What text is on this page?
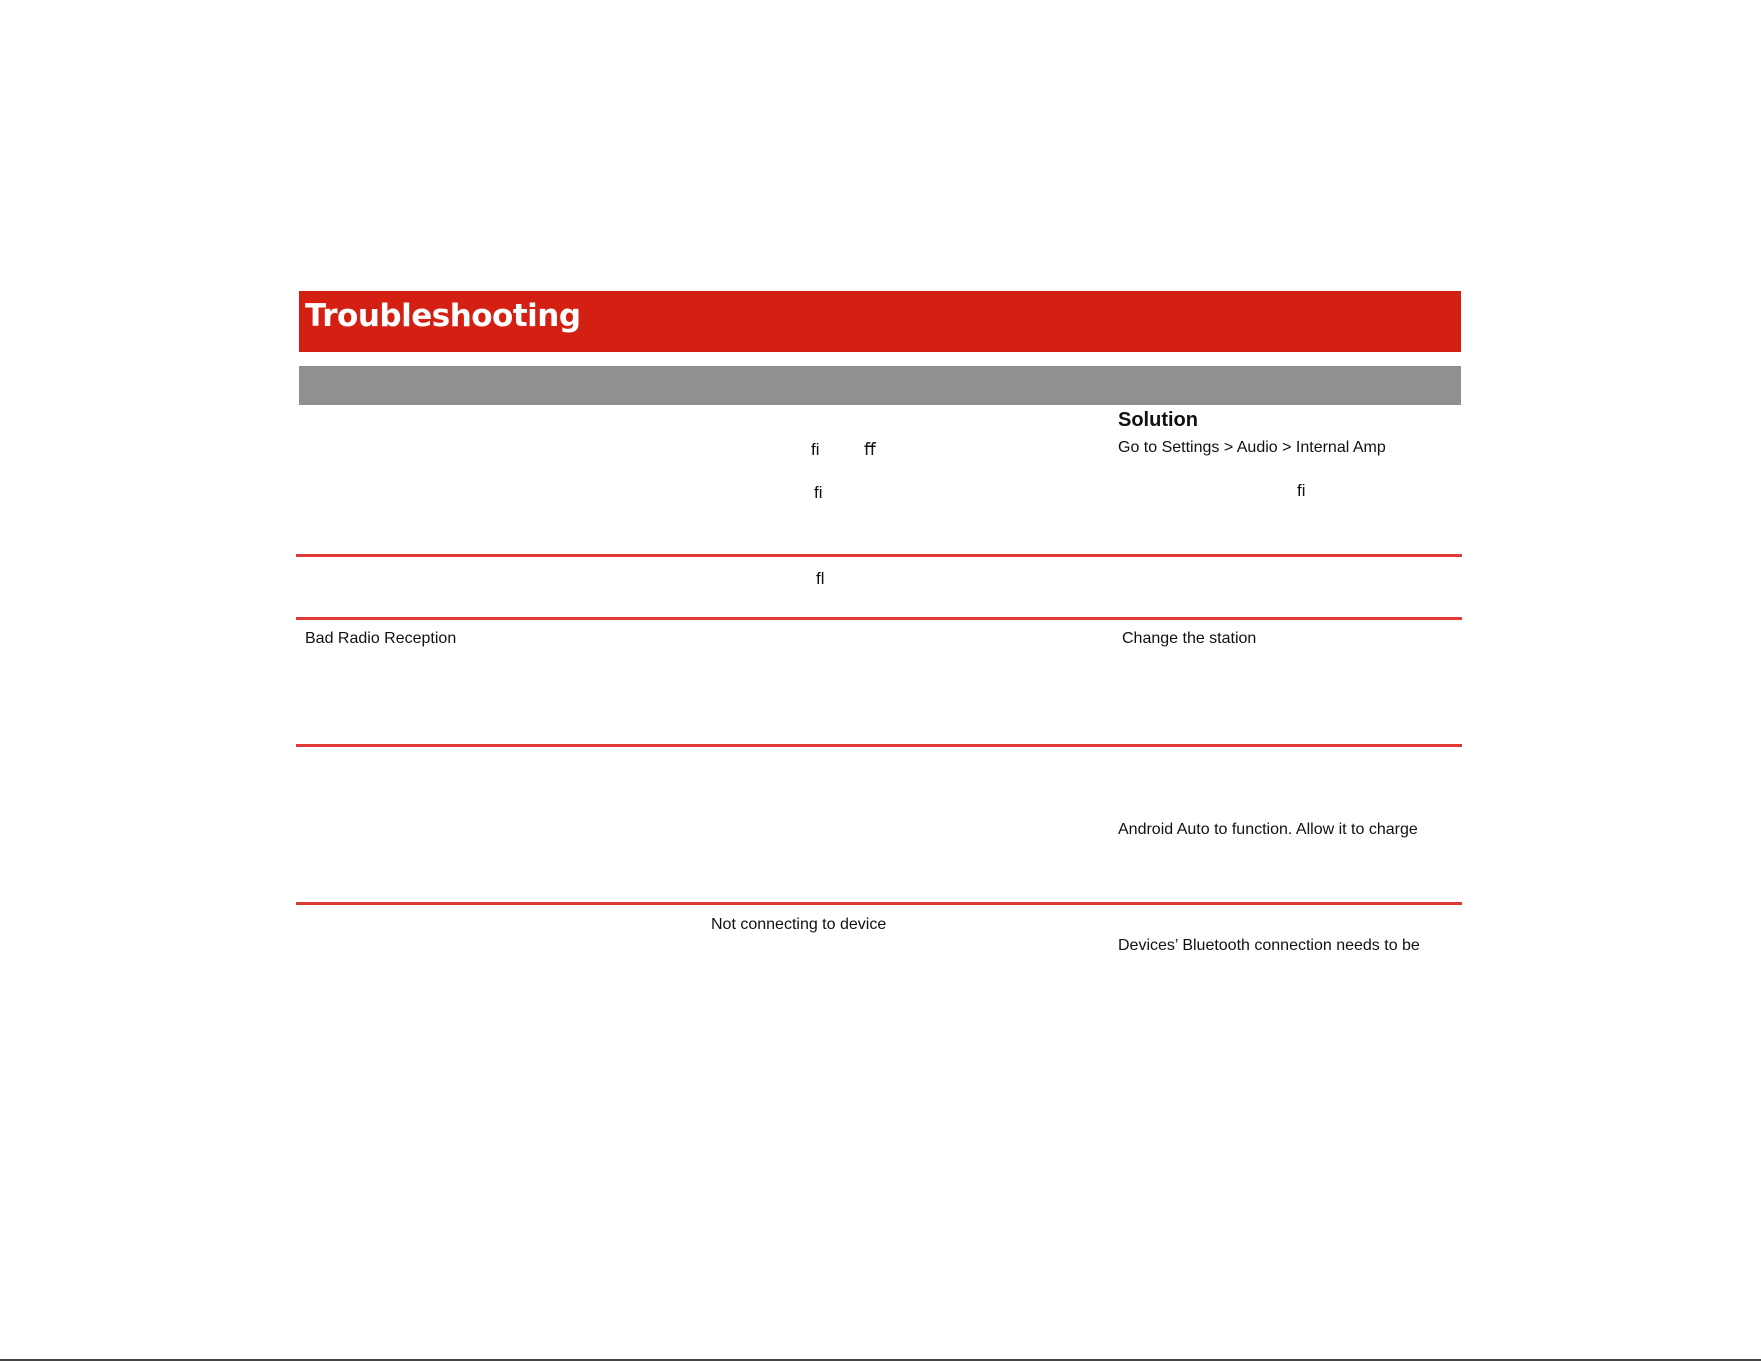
Troubleshooting
Solution
ﬁ	ﬀ
ﬁ
Go to Settings > Audio > Internal Amp
ﬁ
ﬂ
Bad Radio Reception	Change the station
Android Auto to function. Allow it to charge
Not connecting to device
Devices’ Bluetooth connection needs to be
